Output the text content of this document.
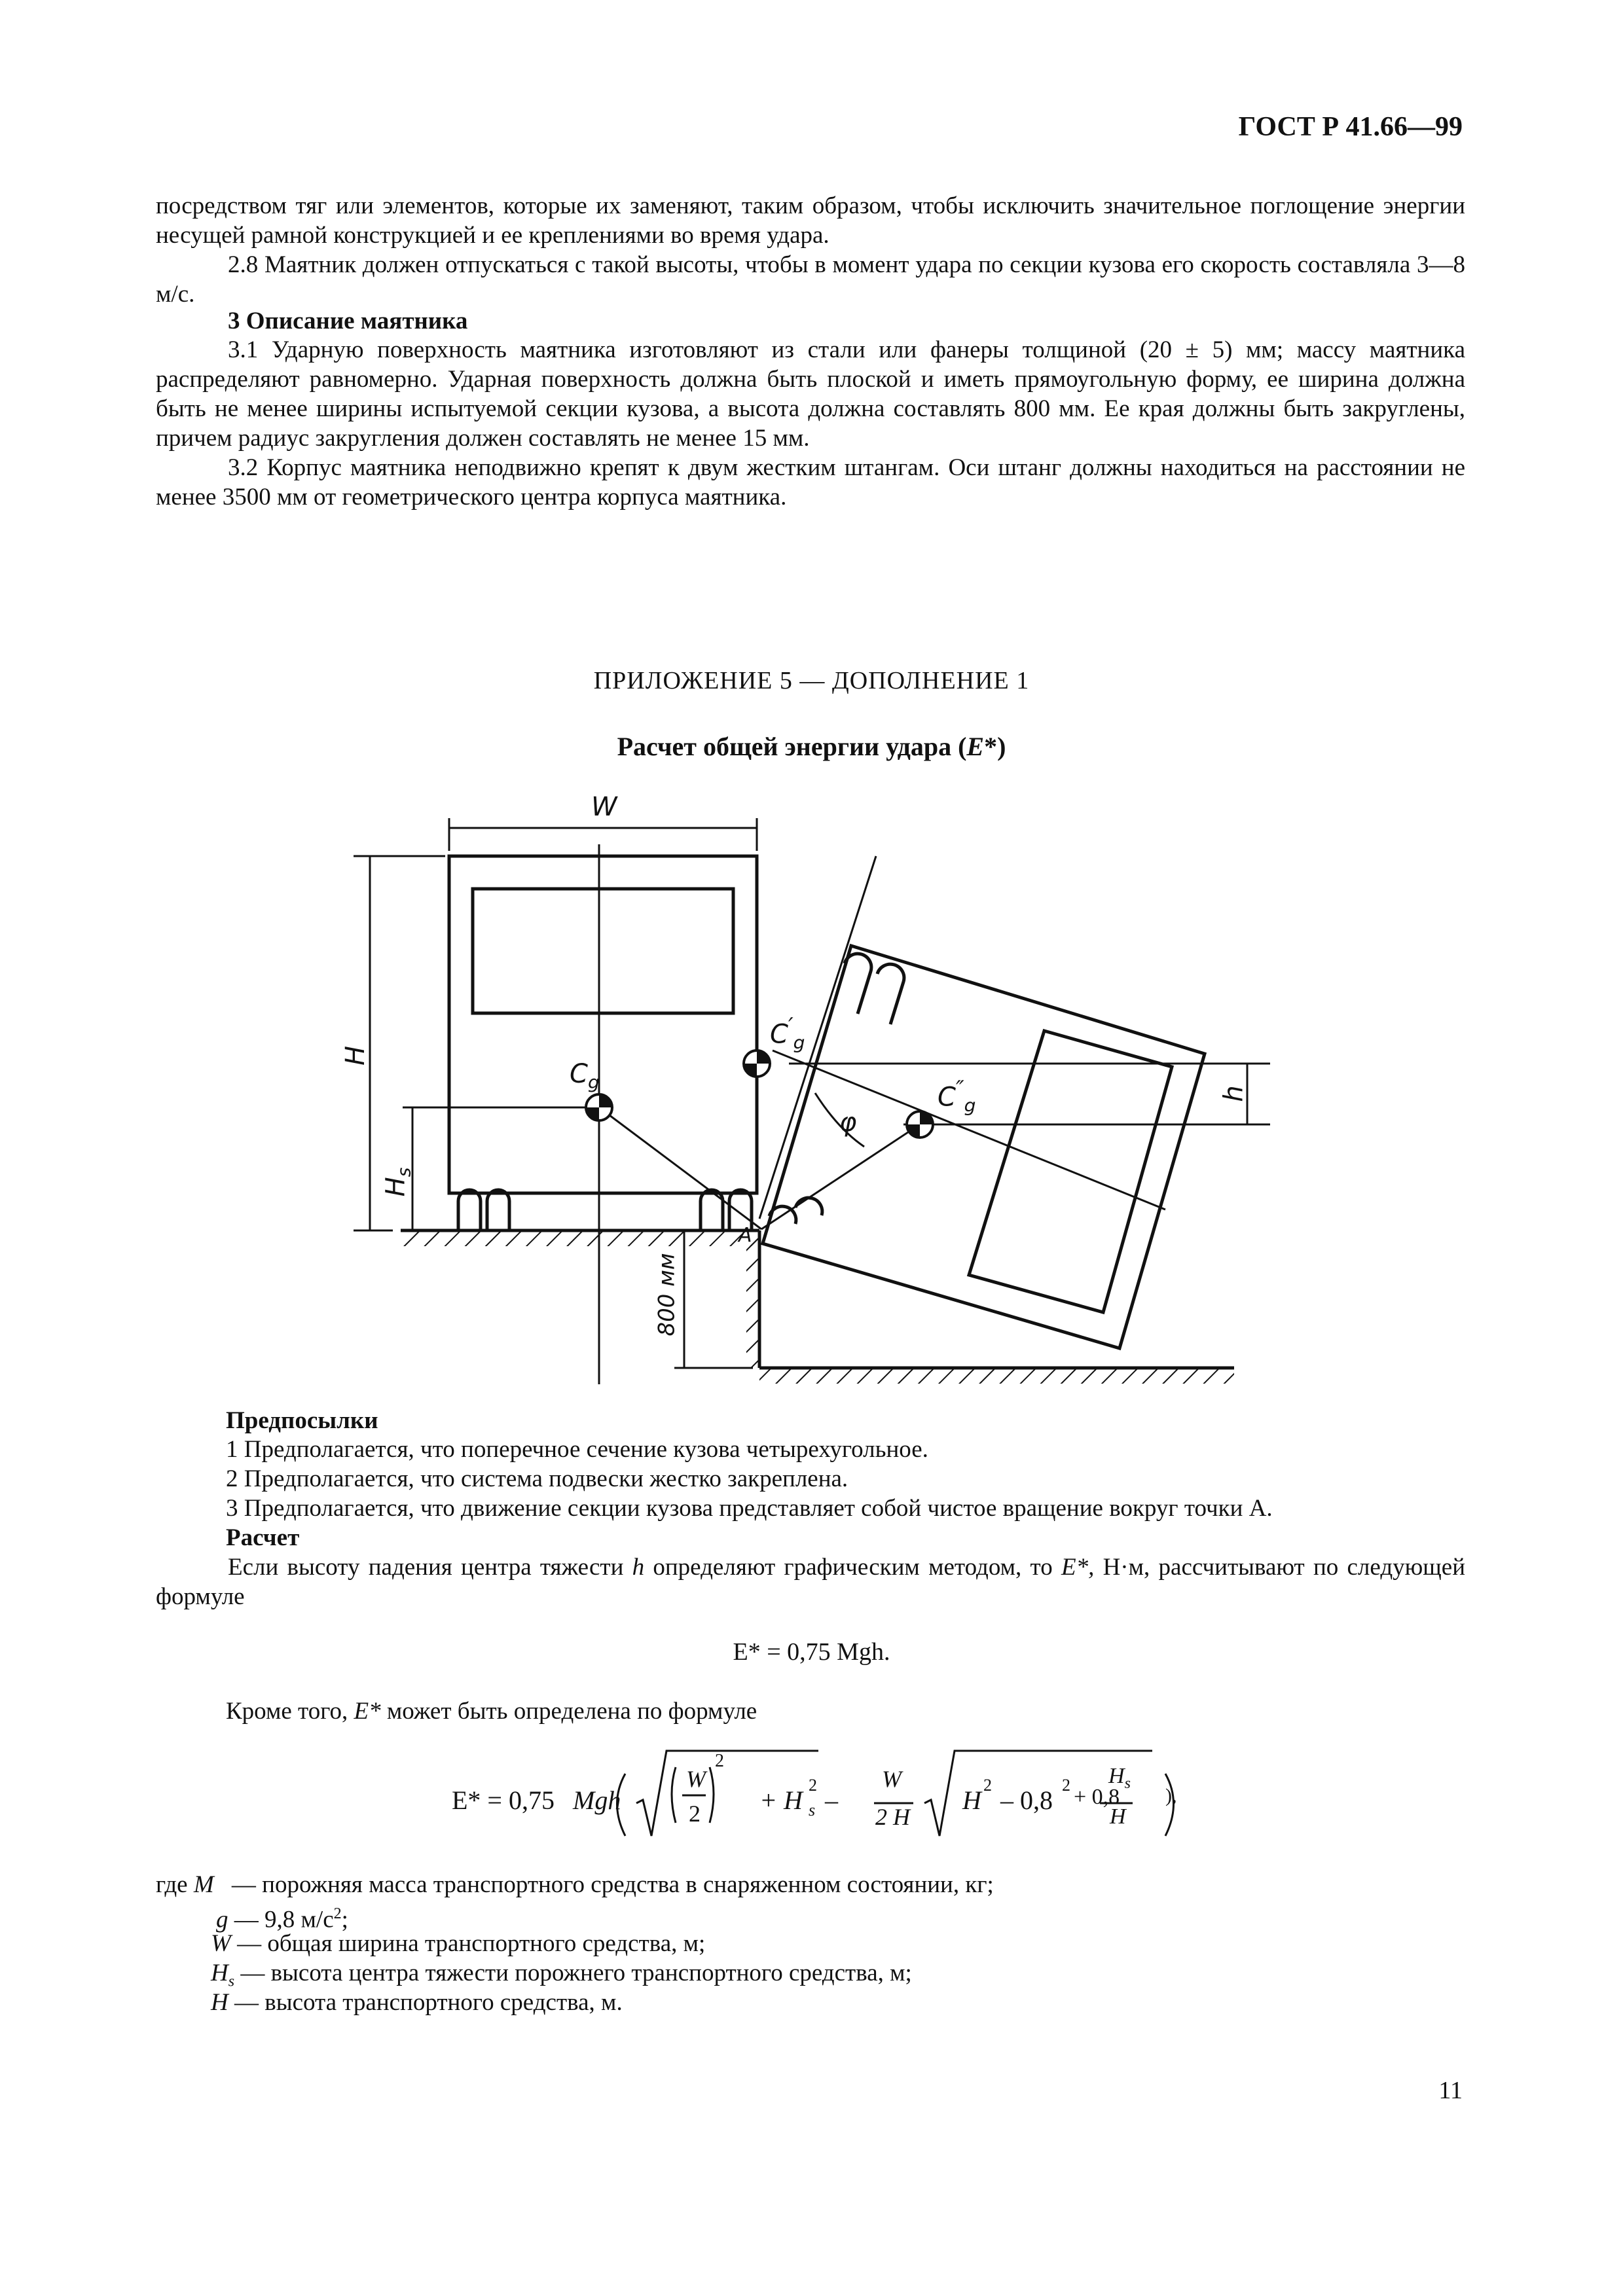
ГОСТ Р 41.66—99
посредством тяг или элементов, которые их заменяют, таким образом, чтобы исключить значительное поглощение энергии несущей рамной конструкцией и ее креплениями во время удара.
2.8 Маятник должен отпускаться с такой высоты, чтобы в момент удара по секции кузова его скорость составляла 3—8 м/с.
3 Описание маятника
3.1 Ударную поверхность маятника изготовляют из стали или фанеры толщиной (20 ± 5) мм; массу маятника распределяют равномерно. Ударная поверхность должна быть плоской и иметь прямоугольную форму, ее ширина должна быть не менее ширины испытуемой секции кузова, а высота должна составлять 800 мм. Ее края должны быть закруглены, причем радиус закругления должен составлять не менее 15 мм.
3.2 Корпус маятника неподвижно крепят к двум жестким штангам. Оси штанг должны находиться на расстоянии не менее 3500 мм от геометрического центра корпуса маятника.
ПРИЛОЖЕНИЕ 5 — ДОПОЛНЕНИЕ 1
Расчет общей энергии удара (E*)
W
H
$H_s$
$C_g$
$C'_g$
$C''_g$
φ
h
A
800 мм
Предпосылки
1 Предполагается, что поперечное сечение кузова четырехугольное.
2 Предполагается, что система подвески жестко закреплена.
3 Предполагается, что движение секции кузова представляет собой чистое вращение вокруг точки А.
Расчет
Если высоту падения центра тяжести h определяют графическим методом, то E*, Н·м, рассчитывают по следующей формуле
E* = 0,75 Mgh.
Кроме того, E* может быть определена по формуле
E* = 0,75 Mgh
W
2
2
+ H
2
s –
W
2 H
H
2
– 0,8
2 + 0,8
$H_s$
H
),
где M — порожняя масса транспортного средства в снаряженном состоянии, кг;
g — 9,8 $м/с^2$;
W — общая ширина транспортного средства, м;
$H_s$ — высота центра тяжести порожнего транспортного средства, м;
H — высота транспортного средства, м.
11
